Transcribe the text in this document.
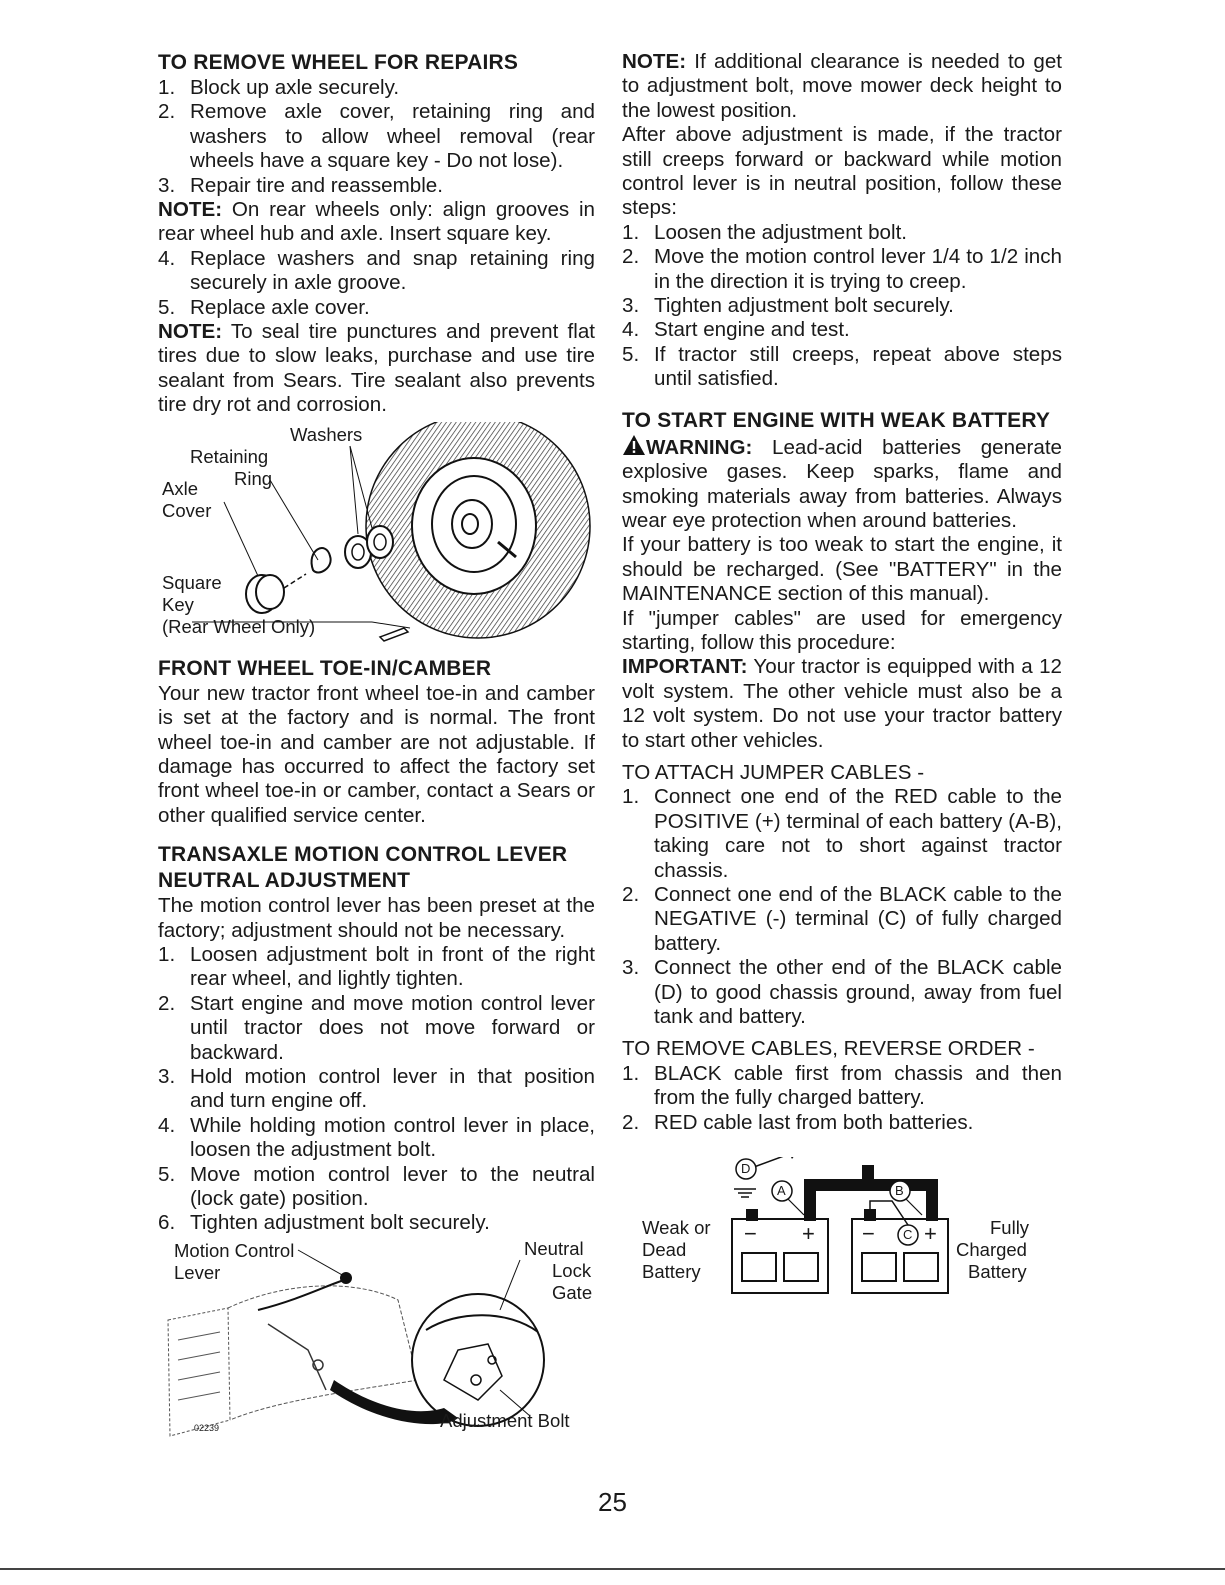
TO REMOVE WHEEL FOR REPAIRS
1. Block up axle securely.
2. Remove axle cover, retaining ring and washers to allow wheel removal (rear wheels have a square key - Do not lose).
3. Repair tire and reassemble.

NOTE: On rear wheels only: align grooves in rear wheel hub and axle. Insert square key.

4. Replace washers and snap retaining ring securely in axle groove.
5. Replace axle cover.

NOTE: To seal tire punctures and prevent flat tires due to slow leaks, purchase and use tire sealant from Sears. Tire sealant also prevents tire dry rot and corrosion.

Washers
Retaining
Ring
Axle
Cover
Square
Key
(Rear Wheel Only)
FRONT WHEEL TOE-IN/CAMBER

Your new tractor front wheel toe-in and camber is set at the factory and is normal. The front wheel toe-in and camber are not adjustable. If damage has occurred to affect the factory set front wheel toe-in or camber, contact a Sears or other qualified service center.

TRANSAXLE MOTION CONTROL LEVER
NEUTRAL ADJUSTMENT

The motion control lever has been preset at the factory; adjustment should not be necessary.

1. Loosen adjustment bolt in front of the right rear wheel, and lightly tighten.
2. Start engine and move motion control lever until tractor does not move forward or backward.
3. Hold motion control lever in that position and turn engine off.
4. While holding motion control lever in place, loosen the adjustment bolt.
5. Move motion control lever to the neutral (lock gate) position.
6. Tighten adjustment bolt securely.
Motion Control
Lever
Neutral
Lock
Gate
Adjustment Bolt
02239

NOTE: If additional clearance is needed to get to adjustment bolt, move mower deck height to the lowest position.

After above adjustment is made, if the tractor still creeps forward or backward while motion control lever is in neutral position, follow these steps:

1. Loosen the adjustment bolt.
2. Move the motion control lever 1/4 to 1/2 inch in the direction it is trying to creep.
3. Tighten adjustment bolt securely.
4. Start engine and test.
5. If tractor still creeps, repeat above steps until satisfied.
TO START ENGINE WITH WEAK BATTERY

WARNING: Lead-acid batteries generate explosive gases. Keep sparks, flame and smoking materials away from batteries. Always wear eye protection when around batteries.

If your battery is too weak to start the engine, it should be recharged. (See "BATTERY" in the MAINTENANCE section of this manual).

If "jumper cables" are used for emergency starting, follow this procedure:

IMPORTANT: Your tractor is equipped with a 12 volt system. The other vehicle must also be a 12 volt system. Do not use your tractor battery to start other vehicles.

TO ATTACH JUMPER CABLES -

1. Connect one end of the RED cable to the POSITIVE (+) terminal of each battery (A-B), taking care not to short against tractor chassis.
2. Connect one end of the BLACK cable to the NEGATIVE (-) terminal (C) of fully charged battery.
3. Connect the other end of the BLACK cable (D) to good chassis ground, away from fuel tank and battery.

TO REMOVE CABLES, REVERSE ORDER -

1. BLACK cable first from chassis and then from the fully charged battery.
2. RED cable last from both batteries.
D
A	B
C
− + − +
Weak or
Dead
Battery
Fully
Charged
Battery
25
